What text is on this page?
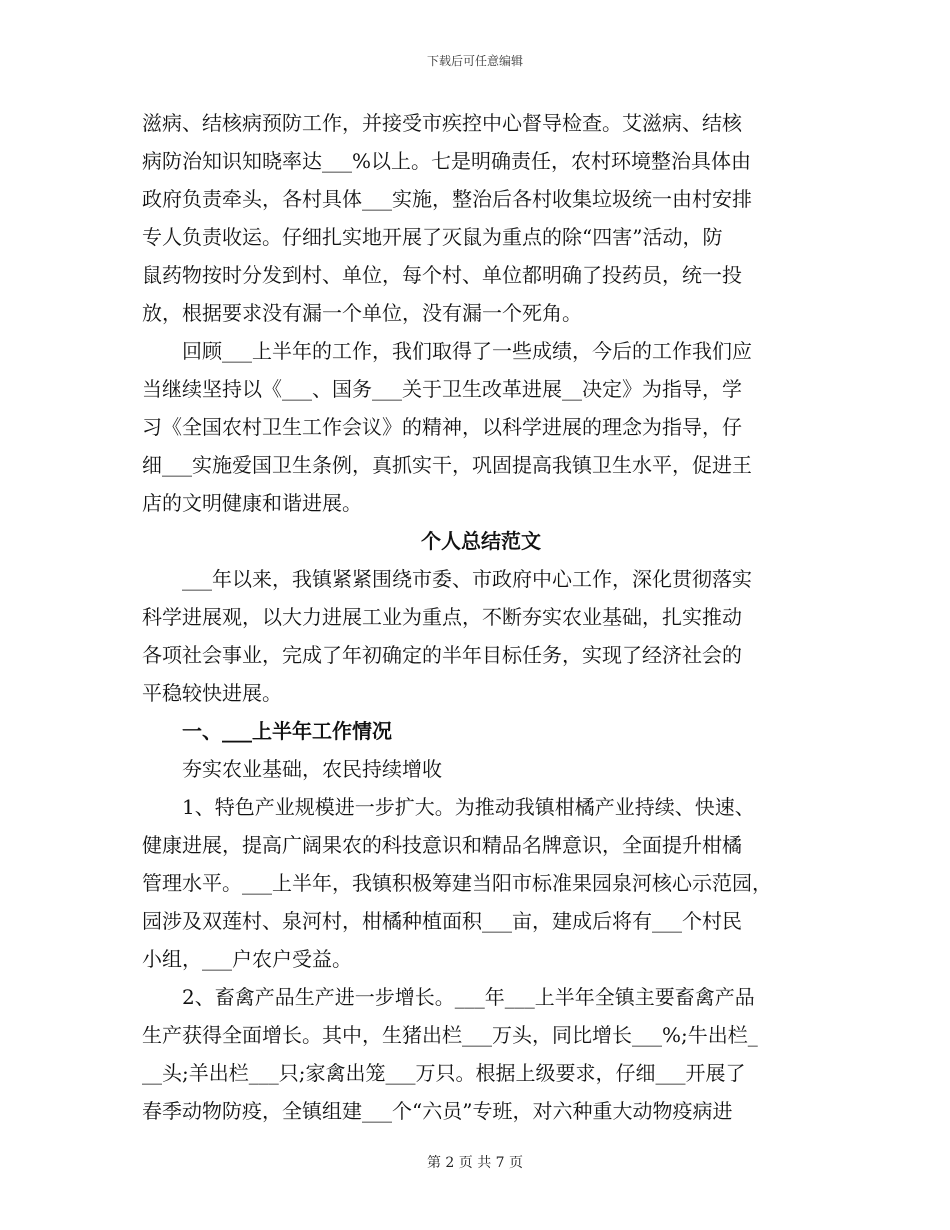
下载后可任意编辑
滋病、结核病预防工作，并接受市疾控中心督导检查。艾滋病、结核
病防治知识知晓率达___%以上。七是明确责任，农村环境整治具体由
政府负责牵头，各村具体___实施，整治后各村收集垃圾统一由村安排
专人负责收运。仔细扎实地开展了灭鼠为重点的除“四害”活动，防
鼠药物按时分发到村、单位，每个村、单位都明确了投药员，统一投
放，根据要求没有漏一个单位，没有漏一个死角。
回顾___上半年的工作，我们取得了一些成绩，今后的工作我们应
当继续坚持以《___、国务___关于卫生改革进展__决定》为指导，学
习《全国农村卫生工作会议》的精神，以科学进展的理念为指导，仔
细___实施爱国卫生条例，真抓实干，巩固提高我镇卫生水平，促进王
店的文明健康和谐进展。
个人总结范文
___年以来，我镇紧紧围绕市委、市政府中心工作，深化贯彻落实
科学进展观，以大力进展工业为重点，不断夯实农业基础，扎实推动
各项社会事业，完成了年初确定的半年目标任务，实现了经济社会的
平稳较快进展。
一、___上半年工作情况
夯实农业基础，农民持续增收
1、特色产业规模进一步扩大。为推动我镇柑橘产业持续、快速、
健康进展，提高广阔果农的科技意识和精品名牌意识，全面提升柑橘
管理水平。___上半年，我镇积极筹建当阳市标准果园泉河核心示范园，
园涉及双莲村、泉河村，柑橘种植面积___亩，建成后将有___个村民
小组，___户农户受益。
2、畜禽产品生产进一步增长。___年___上半年全镇主要畜禽产品
生产获得全面增长。其中，生猪出栏___万头，同比增长___%;牛出栏_
__头;羊出栏___只;家禽出笼___万只。根据上级要求，仔细___开展了
春季动物防疫，全镇组建___个“六员”专班，对六种重大动物疫病进
第 2 页 共 7 页
